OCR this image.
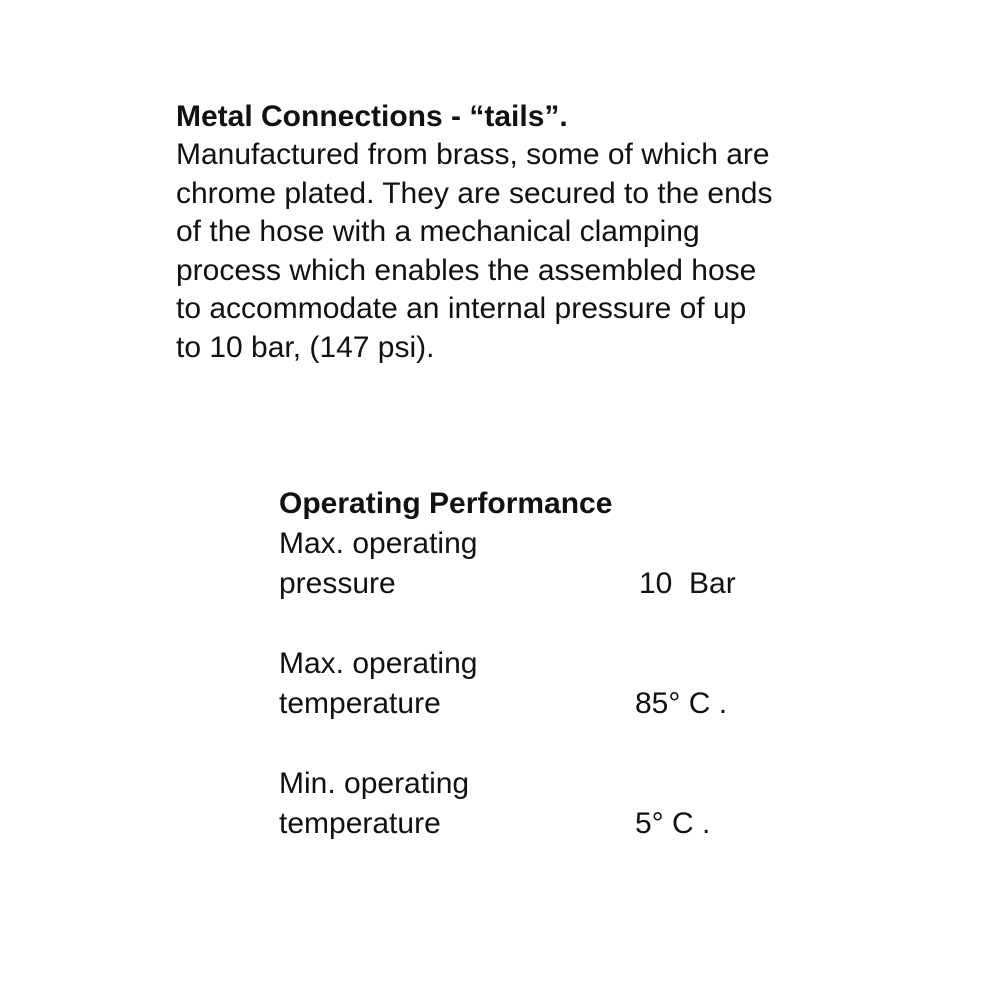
Metal Connections - “tails”.

Manufactured from brass, some of which are
chrome plated. They are secured to the ends
of the hose with a mechanical clamping
process which enables the assembled hose
to accommodate an internal pressure of up
to 10 bar, (147 psi).

Operating Performance

Max. operating
pressure	10  Bar
Max. operating
temperature	85° C .
Min. operating
temperature	5° C .
